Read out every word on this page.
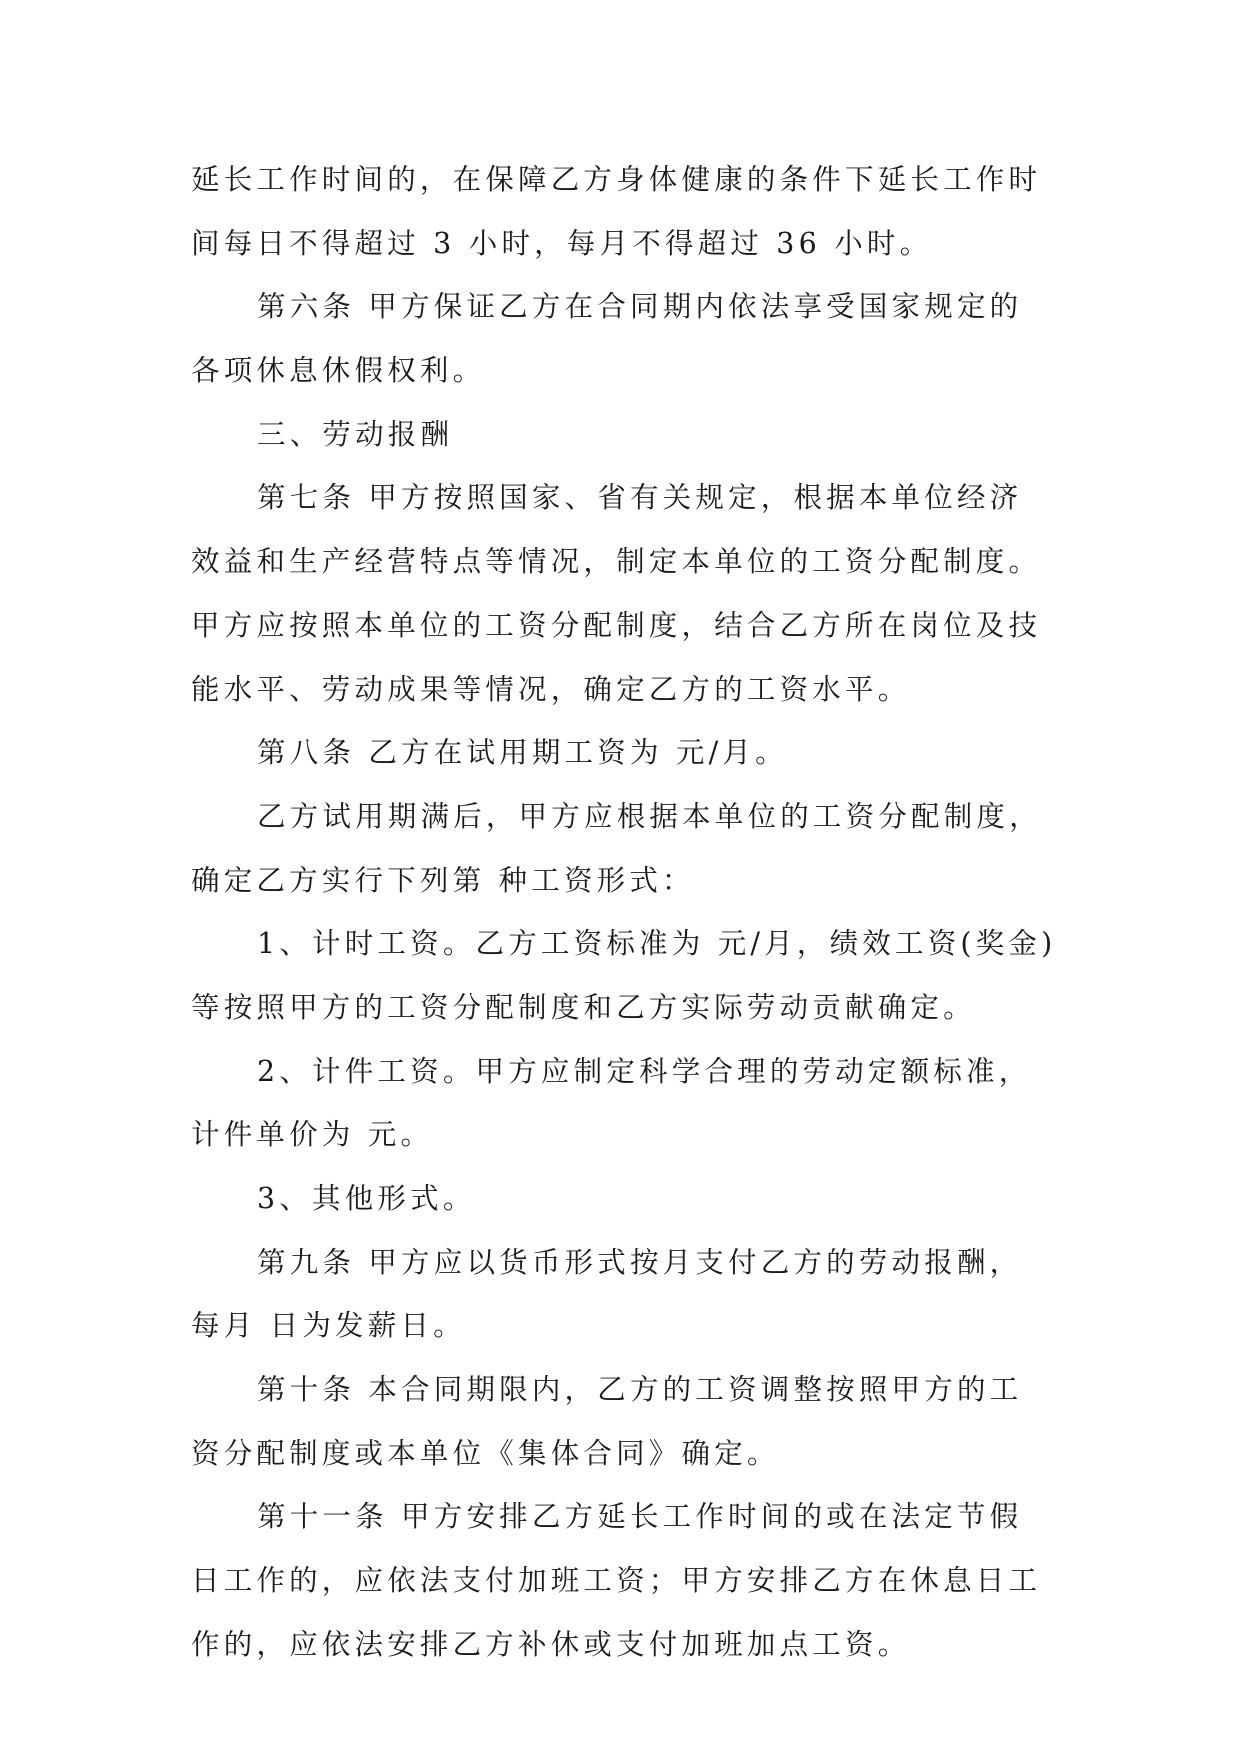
延长工作时间的，在保障乙方身体健康的条件下延长工作时
间每日不得超过 3 小时，每月不得超过 36 小时。
第六条 甲方保证乙方在合同期内依法享受国家规定的
各项休息休假权利。
三、劳动报酬
第七条 甲方按照国家、省有关规定，根据本单位经济
效益和生产经营特点等情况，制定本单位的工资分配制度。
甲方应按照本单位的工资分配制度，结合乙方所在岗位及技
能水平、劳动成果等情况，确定乙方的工资水平。
第八条 乙方在试用期工资为 元/月。
乙方试用期满后，甲方应根据本单位的工资分配制度，
确定乙方实行下列第 种工资形式：
1、计时工资。乙方工资标准为 元/月，绩效工资(奖金)
等按照甲方的工资分配制度和乙方实际劳动贡献确定。
2、计件工资。甲方应制定科学合理的劳动定额标准，
计件单价为 元。
3、其他形式。
第九条 甲方应以货币形式按月支付乙方的劳动报酬，
每月 日为发薪日。
第十条 本合同期限内，乙方的工资调整按照甲方的工
资分配制度或本单位《集体合同》确定。
第十一条 甲方安排乙方延长工作时间的或在法定节假
日工作的，应依法支付加班工资；甲方安排乙方在休息日工
作的，应依法安排乙方补休或支付加班加点工资。
